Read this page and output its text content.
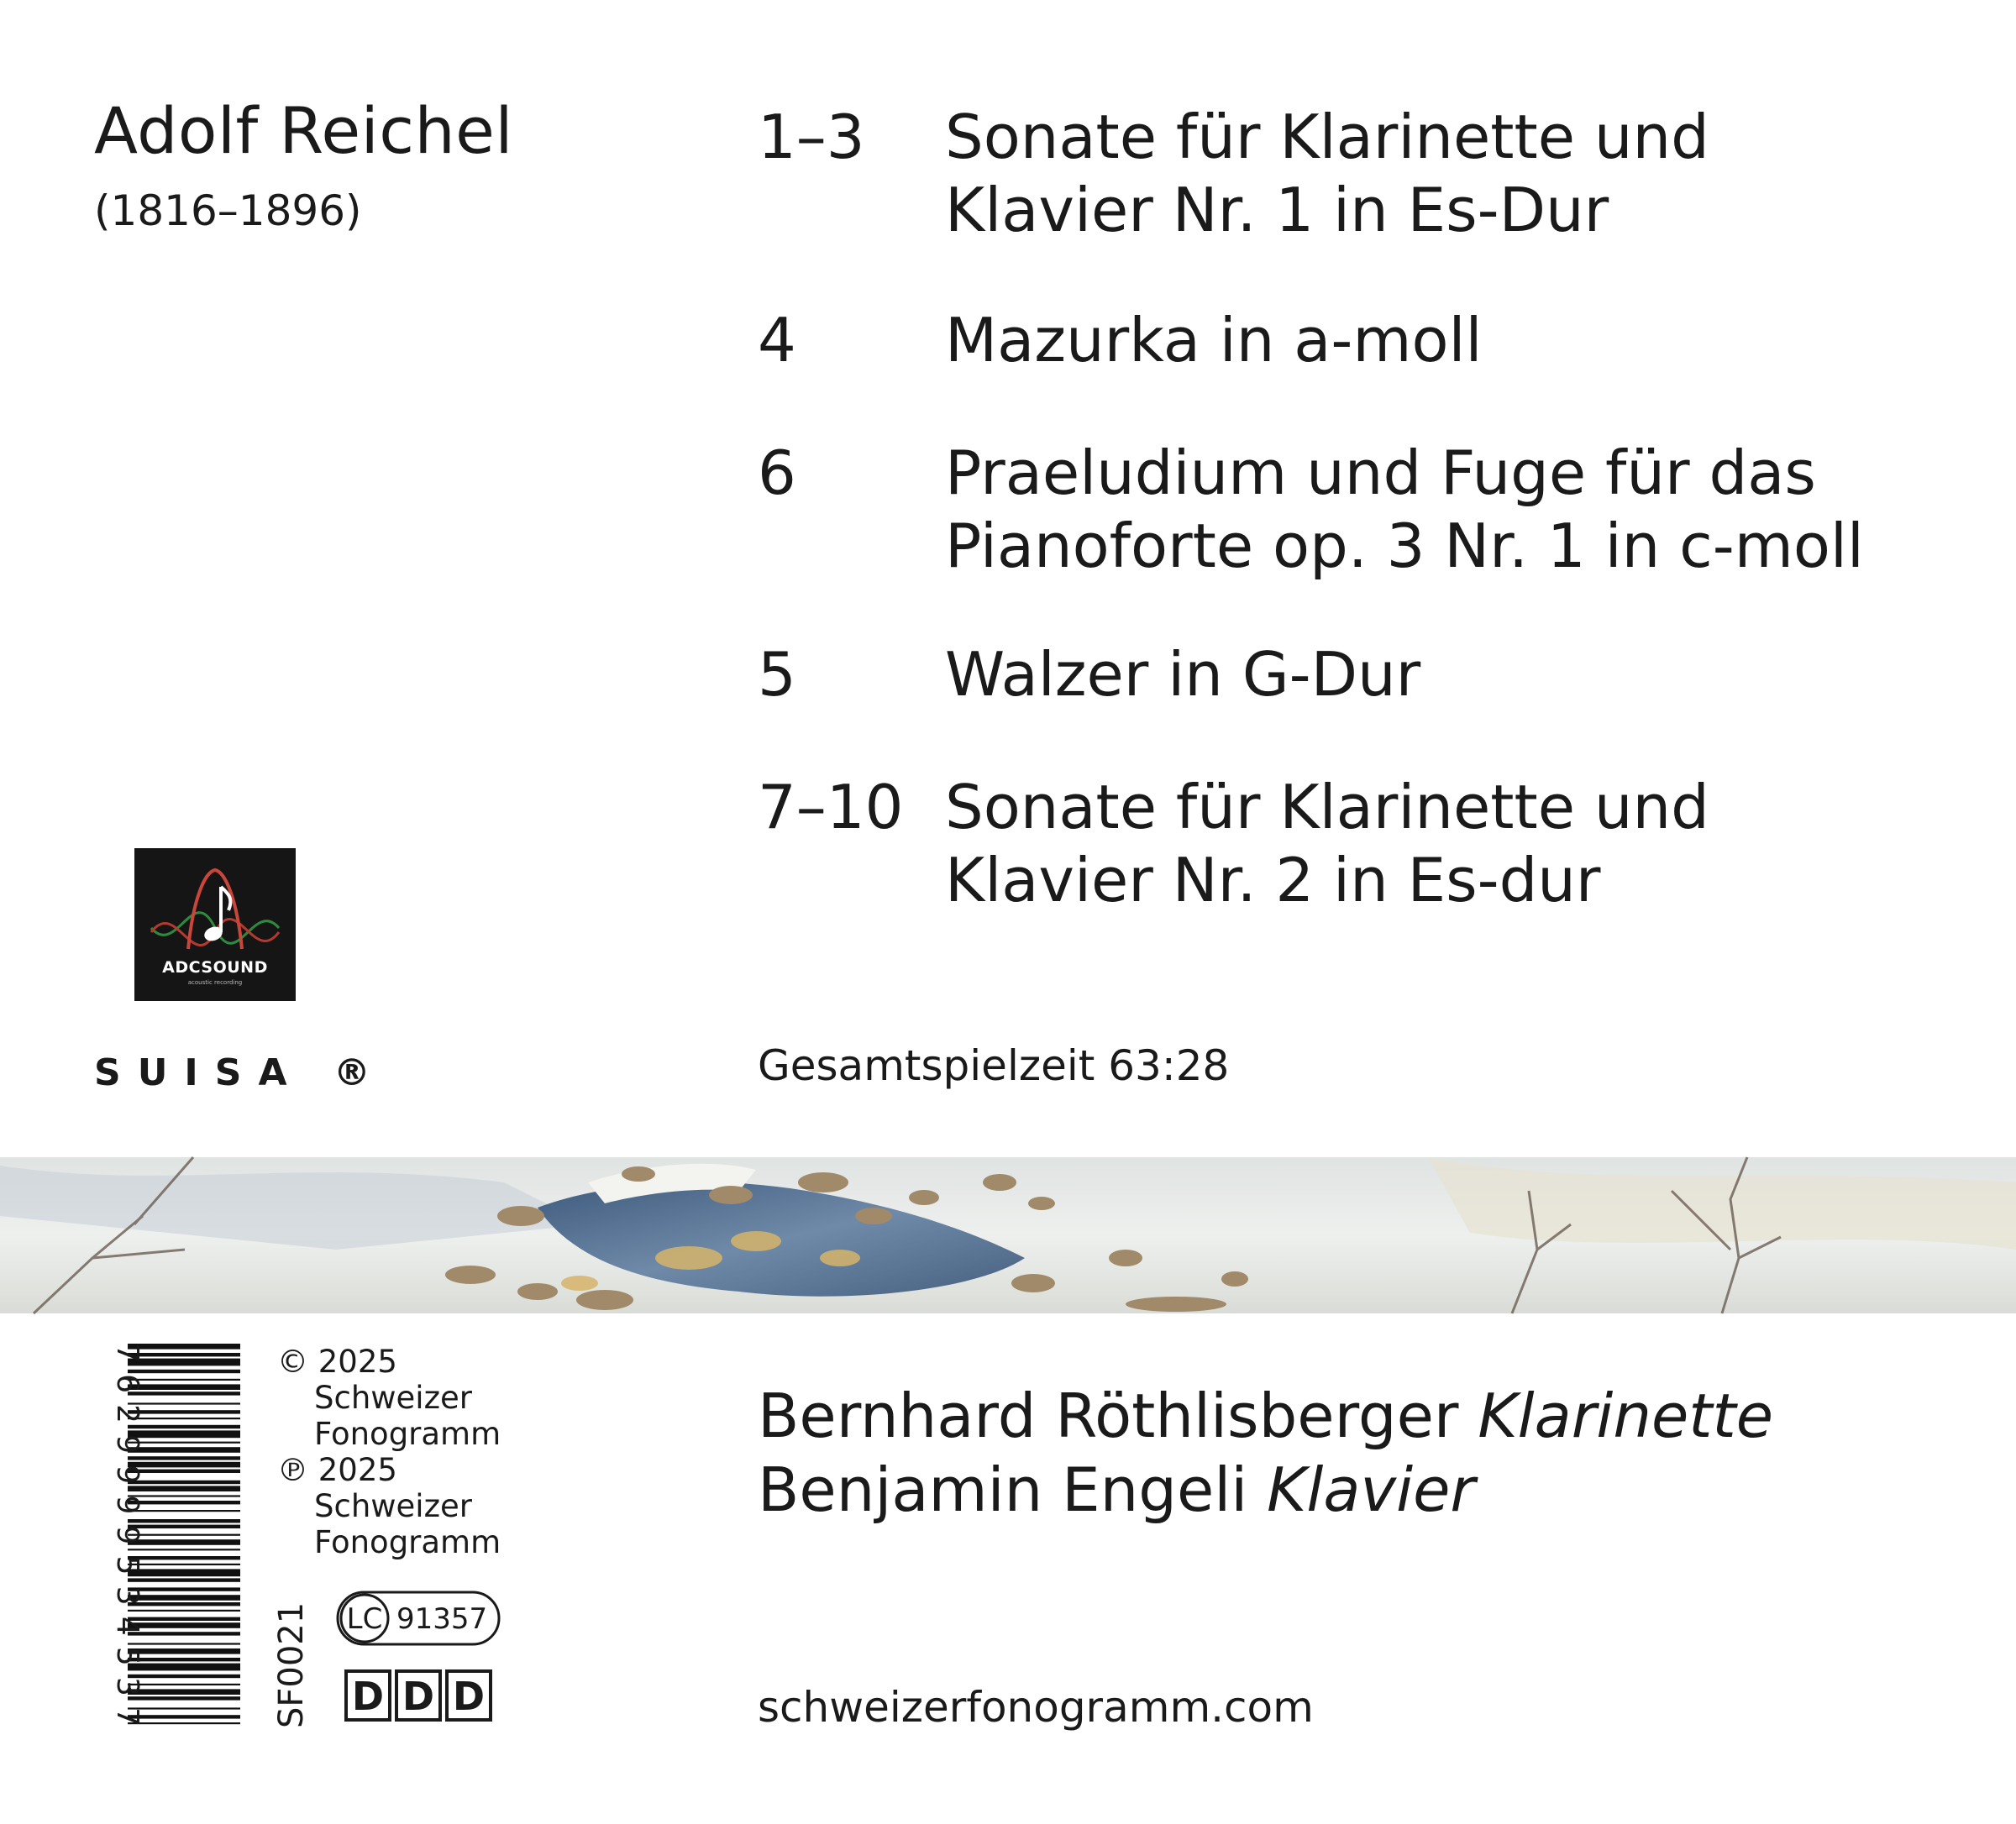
Adolf Reichel
(1816–1896)
1–3 Sonate für Klarinette und
Klavier Nr. 1 in Es-Dur
4 Mazurka in a-moll
6 Praeludium und Fuge für das
Pianoforte op. 3 Nr. 1 in c-moll
5 Walzer in G-Dur
7–10 Sonate für Klarinette und
Klavier Nr. 2 in Es-dur
ADCSOUND
acoustic recording
SUISA ®	Gesamtspielzeit 63:28
7629999534537
© 2025
Schweizer
Fonogramm
℗ 2025
Schweizer
Fonogramm
SF0021 LC 91357
D D D
Bernhard Röthlisberger Klarinette
Benjamin Engeli Klavier
schweizerfonogramm.com
